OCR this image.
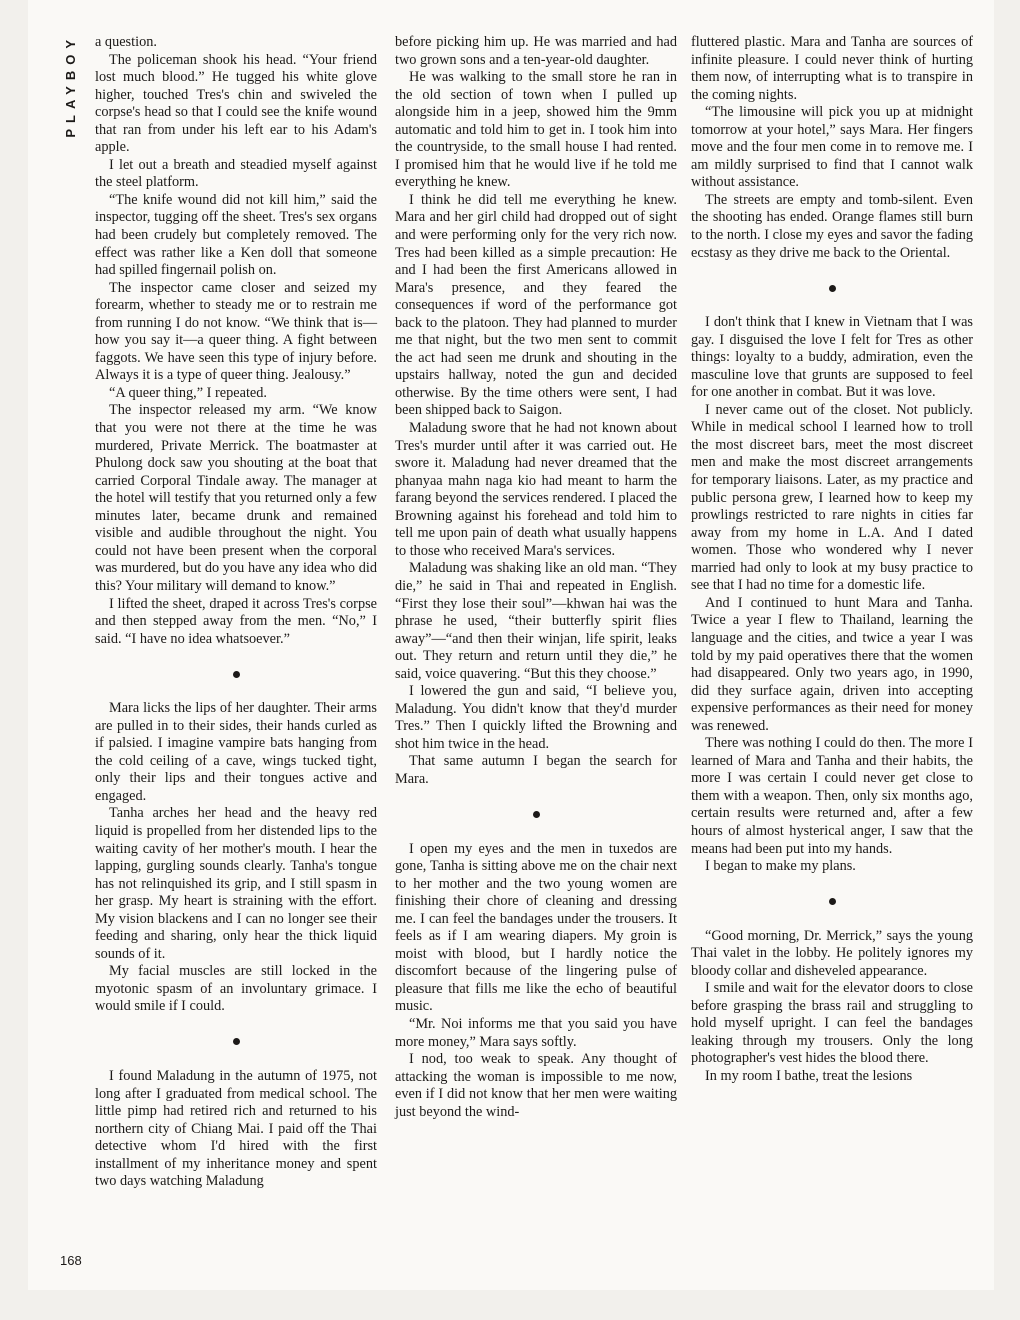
PLAYBOY
168

a question.

The policeman shook his head. “Your friend lost much blood.” He tugged his white glove higher, touched Tres's chin and swiveled the corpse's head so that I could see the knife wound that ran from under his left ear to his Adam's apple.

I let out a breath and steadied myself against the steel platform.

“The knife wound did not kill him,” said the inspector, tugging off the sheet. Tres's sex organs had been crudely but completely removed. The effect was rather like a Ken doll that someone had spilled fingernail polish on.

The inspector came closer and seized my forearm, whether to steady me or to restrain me from running I do not know. “We think that is—how you say it—a queer thing. A fight between faggots. We have seen this type of injury before. Always it is a type of queer thing. Jealousy.”

“A queer thing,” I repeated.

The inspector released my arm. “We know that you were not there at the time he was murdered, Private Merrick. The boatmaster at Phulong dock saw you shouting at the boat that carried Corporal Tindale away. The manager at the hotel will testify that you returned only a few minutes later, became drunk and remained visible and audible throughout the night. You could not have been present when the corporal was murdered, but do you have any idea who did this? Your military will demand to know.”

I lifted the sheet, draped it across Tres's corpse and then stepped away from the men. “No,” I said. “I have no idea whatsoever.”

Mara licks the lips of her daughter. Their arms are pulled in to their sides, their hands curled as if palsied. I imagine vampire bats hanging from the cold ceiling of a cave, wings tucked tight, only their lips and their tongues active and engaged.

Tanha arches her head and the heavy red liquid is propelled from her distended lips to the waiting cavity of her mother's mouth. I hear the lapping, gurgling sounds clearly. Tanha's tongue has not relinquished its grip, and I still spasm in her grasp. My heart is straining with the effort. My vision blackens and I can no longer see their feeding and sharing, only hear the thick liquid sounds of it.

My facial muscles are still locked in the myotonic spasm of an involuntary grimace. I would smile if I could.

I found Maladung in the autumn of 1975, not long after I graduated from medical school. The little pimp had retired rich and returned to his northern city of Chiang Mai. I paid off the Thai detective whom I'd hired with the first installment of my inheritance money and spent two days watching Maladung

before picking him up. He was married and had two grown sons and a ten-year-old daughter.

He was walking to the small store he ran in the old section of town when I pulled up alongside him in a jeep, showed him the 9mm automatic and told him to get in. I took him into the countryside, to the small house I had rented. I promised him that he would live if he told me everything he knew.

I think he did tell me everything he knew. Mara and her girl child had dropped out of sight and were performing only for the very rich now. Tres had been killed as a simple precaution: He and I had been the first Americans allowed in Mara's presence, and they feared the consequences if word of the performance got back to the platoon. They had planned to murder me that night, but the two men sent to commit the act had seen me drunk and shouting in the upstairs hallway, noted the gun and decided otherwise. By the time others were sent, I had been shipped back to Saigon.

Maladung swore that he had not known about Tres's murder until after it was carried out. He swore it. Maladung had never dreamed that the phanyaa mahn naga kio had meant to harm the farang beyond the services rendered. I placed the Browning against his forehead and told him to tell me upon pain of death what usually happens to those who received Mara's services.

Maladung was shaking like an old man. “They die,” he said in Thai and repeated in English. “First they lose their soul”—khwan hai was the phrase he used, “their butterfly spirit flies away”—“and then their winjan, life spirit, leaks out. They return and return until they die,” he said, voice quavering. “But this they choose.”

I lowered the gun and said, “I believe you, Maladung. You didn't know that they'd murder Tres.” Then I quickly lifted the Browning and shot him twice in the head.

That same autumn I began the search for Mara.

I open my eyes and the men in tuxedos are gone, Tanha is sitting above me on the chair next to her mother and the two young women are finishing their chore of cleaning and dressing me. I can feel the bandages under the trousers. It feels as if I am wearing diapers. My groin is moist with blood, but I hardly notice the discomfort because of the lingering pulse of pleasure that fills me like the echo of beautiful music.

“Mr. Noi informs me that you said you have more money,” Mara says softly.

I nod, too weak to speak. Any thought of attacking the woman is impossible to me now, even if I did not know that her men were waiting just beyond the wind-

fluttered plastic. Mara and Tanha are sources of infinite pleasure. I could never think of hurting them now, of interrupting what is to transpire in the coming nights.

“The limousine will pick you up at midnight tomorrow at your hotel,” says Mara. Her fingers move and the four men come in to remove me. I am mildly surprised to find that I cannot walk without assistance.

The streets are empty and tomb-silent. Even the shooting has ended. Orange flames still burn to the north. I close my eyes and savor the fading ecstasy as they drive me back to the Oriental.

I don't think that I knew in Vietnam that I was gay. I disguised the love I felt for Tres as other things: loyalty to a buddy, admiration, even the masculine love that grunts are supposed to feel for one another in combat. But it was love.

I never came out of the closet. Not publicly. While in medical school I learned how to troll the most discreet bars, meet the most discreet men and make the most discreet arrangements for temporary liaisons. Later, as my practice and public persona grew, I learned how to keep my prowlings restricted to rare nights in cities far away from my home in L.A. And I dated women. Those who wondered why I never married had only to look at my busy practice to see that I had no time for a domestic life.

And I continued to hunt Mara and Tanha. Twice a year I flew to Thailand, learning the language and the cities, and twice a year I was told by my paid operatives there that the women had disappeared. Only two years ago, in 1990, did they surface again, driven into accepting expensive performances as their need for money was renewed.

There was nothing I could do then. The more I learned of Mara and Tanha and their habits, the more I was certain I could never get close to them with a weapon. Then, only six months ago, certain results were returned and, after a few hours of almost hysterical anger, I saw that the means had been put into my hands.

I began to make my plans.

“Good morning, Dr. Merrick,” says the young Thai valet in the lobby. He politely ignores my bloody collar and disheveled appearance.

I smile and wait for the elevator doors to close before grasping the brass rail and struggling to hold myself upright. I can feel the bandages leaking through my trousers. Only the long photographer's vest hides the blood there.

In my room I bathe, treat the lesions
